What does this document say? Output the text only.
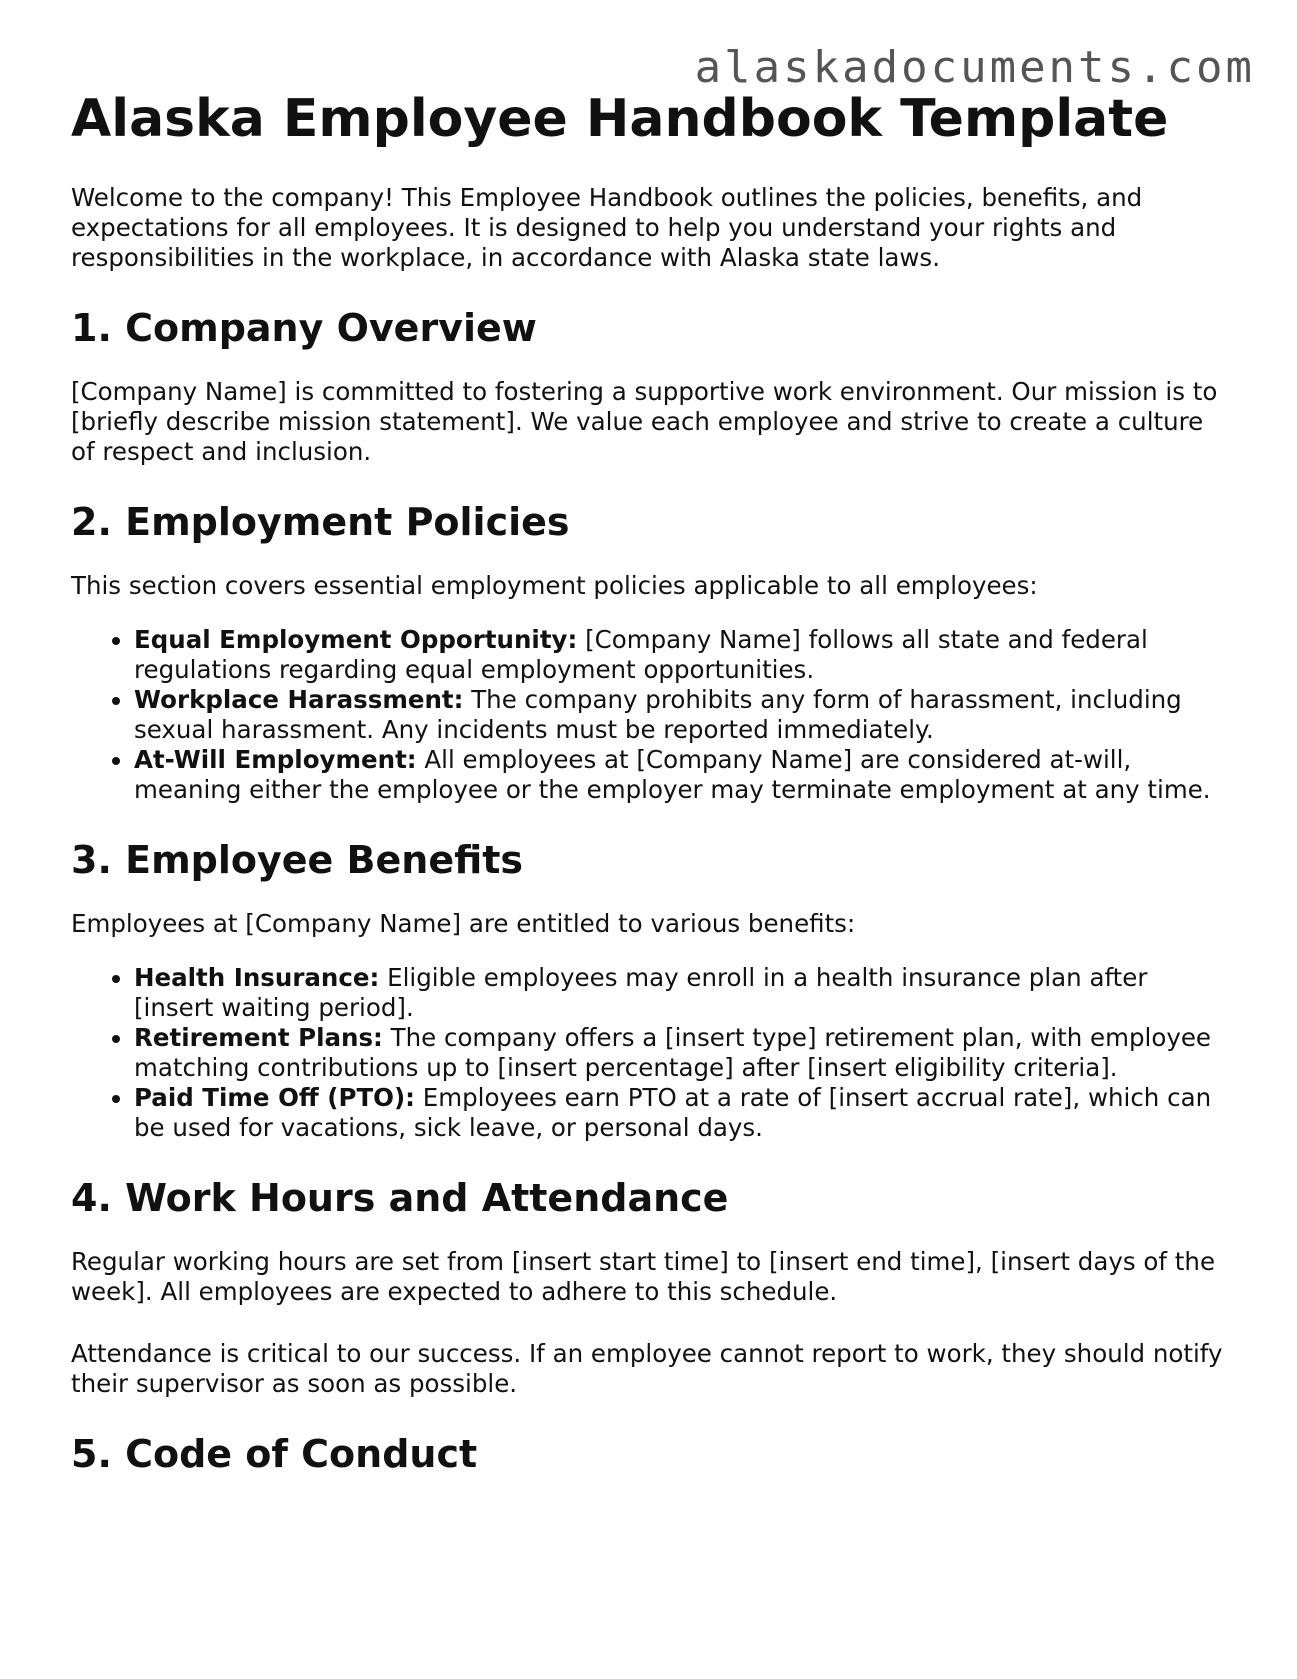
alaskadocuments.com
Alaska Employee Handbook Template

Welcome to the company! This Employee Handbook outlines the policies, benefits, and expectations for all employees. It is designed to help you understand your rights and responsibilities in the workplace, in accordance with Alaska state laws.

1. Company Overview

[Company Name] is committed to fostering a supportive work environment. Our mission is to [briefly describe mission statement]. We value each employee and strive to create a culture of respect and inclusion.

2. Employment Policies

This section covers essential employment policies applicable to all employees:

• Equal Employment Opportunity: [Company Name] follows all state and federal regulations regarding equal employment opportunities.
• Workplace Harassment: The company prohibits any form of harassment, including sexual harassment. Any incidents must be reported immediately.
• At-Will Employment: All employees at [Company Name] are considered at-will, meaning either the employee or the employer may terminate employment at any time.
3. Employee Benefits

Employees at [Company Name] are entitled to various benefits:

• Health Insurance: Eligible employees may enroll in a health insurance plan after [insert waiting period].
• Retirement Plans: The company offers a [insert type] retirement plan, with employee matching contributions up to [insert percentage] after [insert eligibility criteria].
• Paid Time Off (PTO): Employees earn PTO at a rate of [insert accrual rate], which can be used for vacations, sick leave, or personal days.
4. Work Hours and Attendance

Regular working hours are set from [insert start time] to [insert end time], [insert days of the week]. All employees are expected to adhere to this schedule.

Attendance is critical to our success. If an employee cannot report to work, they should notify their supervisor as soon as possible.

5. Code of Conduct
